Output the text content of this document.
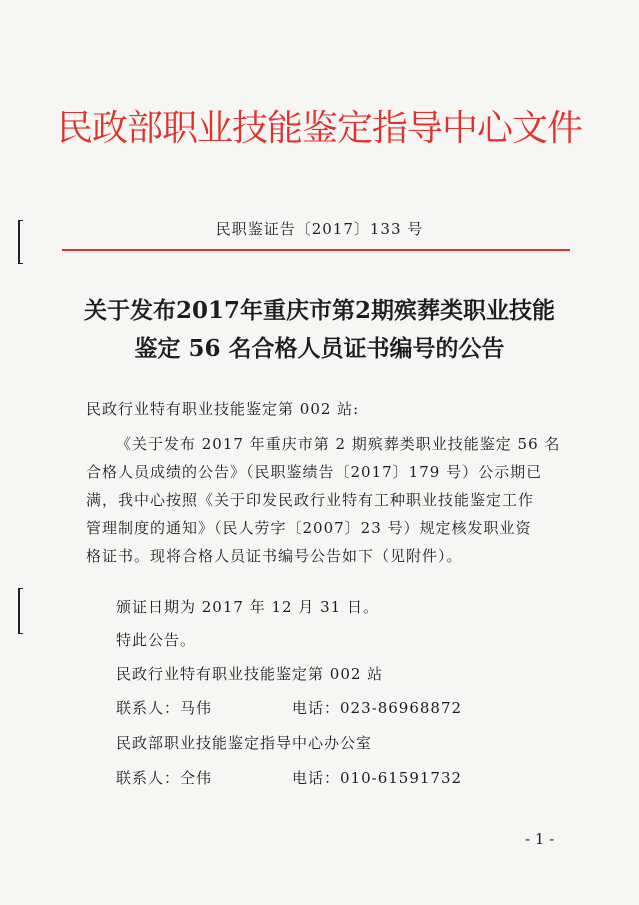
民政部职业技能鉴定指导中心文件
民职鉴证告〔2017〕133 号
关于发布2017年重庆市第2期殡葬类职业技能
鉴定 56 名合格人员证书编号的公告
民政行业特有职业技能鉴定第 002 站:
《关于发布 2017 年重庆市第 2 期殡葬类职业技能鉴定 56 名
合格人员成绩的公告》（民职鉴绩告〔2017〕179 号）公示期已
满，我中心按照《关于印发民政行业特有工种职业技能鉴定工作
管理制度的通知》（民人劳字〔2007〕23 号）规定核发职业资
格证书。现将合格人员证书编号公告如下（见附件）。
颁证日期为 2017 年 12 月 31 日。
特此公告。
民政行业特有职业技能鉴定第 002 站
联系人：马伟	电话：023-86968872
民政部职业技能鉴定指导中心办公室
联系人：仝伟	电话：010-61591732
- 1 -
